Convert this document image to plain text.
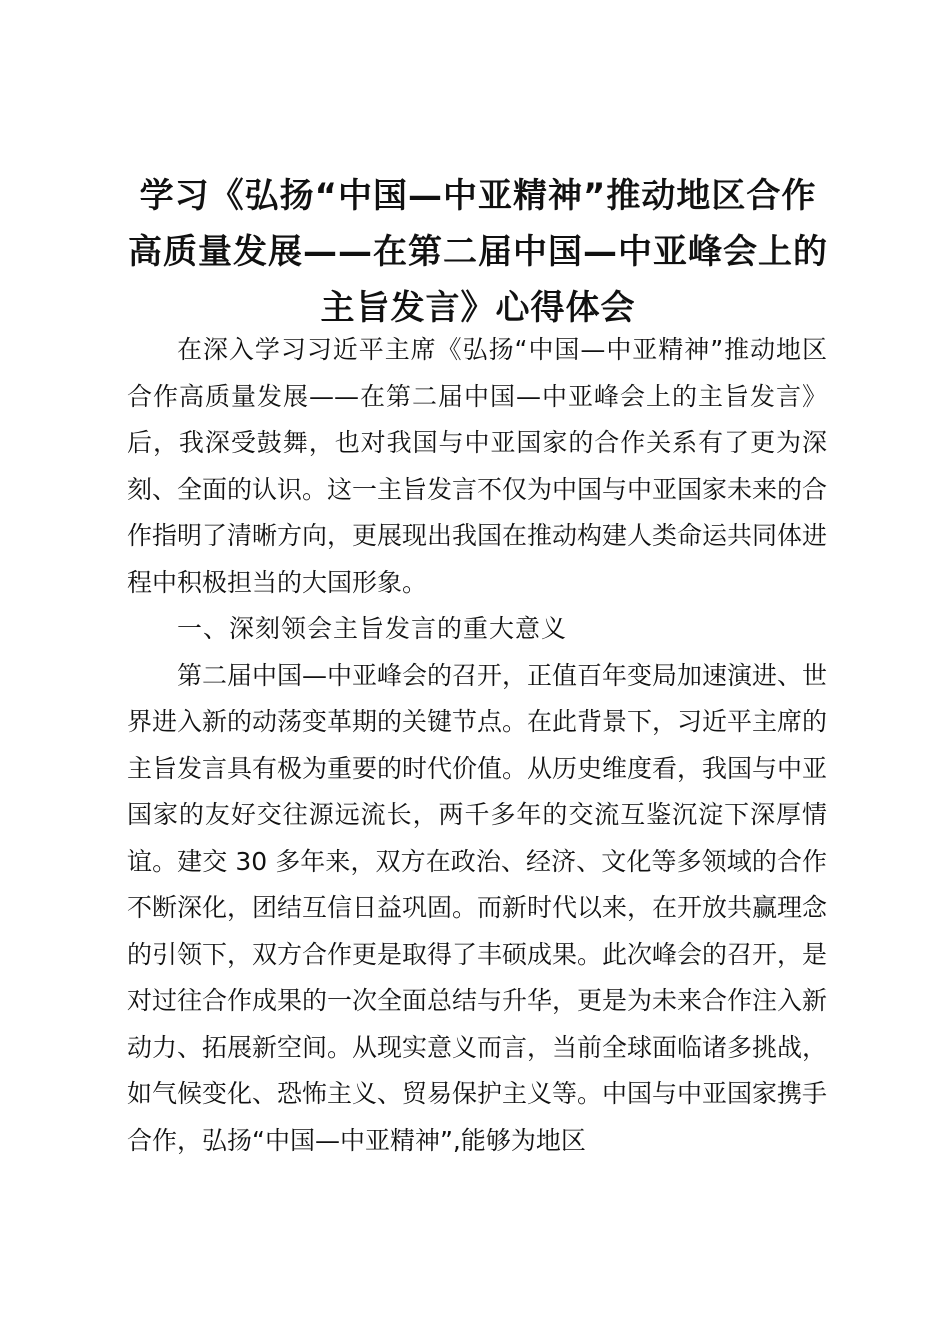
学习《弘扬“中国—中亚精神”推动地区合作
高质量发展——在第二届中国—中亚峰会上的
主旨发言》心得体会

在深入学习习近平主席《弘扬“中国—中亚精神”推动地区合作高质量发展——在第二届中国—中亚峰会上的主旨发言》后，我深受鼓舞，也对我国与中亚国家的合作关系有了更为深刻、全面的认识。这一主旨发言不仅为中国与中亚国家未来的合作指明了清晰方向，更展现出我国在推动构建人类命运共同体进程中积极担当的大国形象。

一、深刻领会主旨发言的重大意义

第二届中国—中亚峰会的召开，正值百年变局加速演进、世界进入新的动荡变革期的关键节点。在此背景下，习近平主席的主旨发言具有极为重要的时代价值。从历史维度看，我国与中亚国家的友好交往源远流长，两千多年的交流互鉴沉淀下深厚情谊。建交 30 多年来，双方在政治、经济、文化等多领域的合作不断深化，团结互信日益巩固。而新时代以来，在开放共赢理念的引领下，双方合作更是取得了丰硕成果。此次峰会的召开，是对过往合作成果的一次全面总结与升华，更是为未来合作注入新动力、拓展新空间。从现实意义而言，当前全球面临诸多挑战，如气候变化、恐怖主义、贸易保护主义等。中国与中亚国家携手合作，弘扬“中国—中亚精神”,能够为地区
